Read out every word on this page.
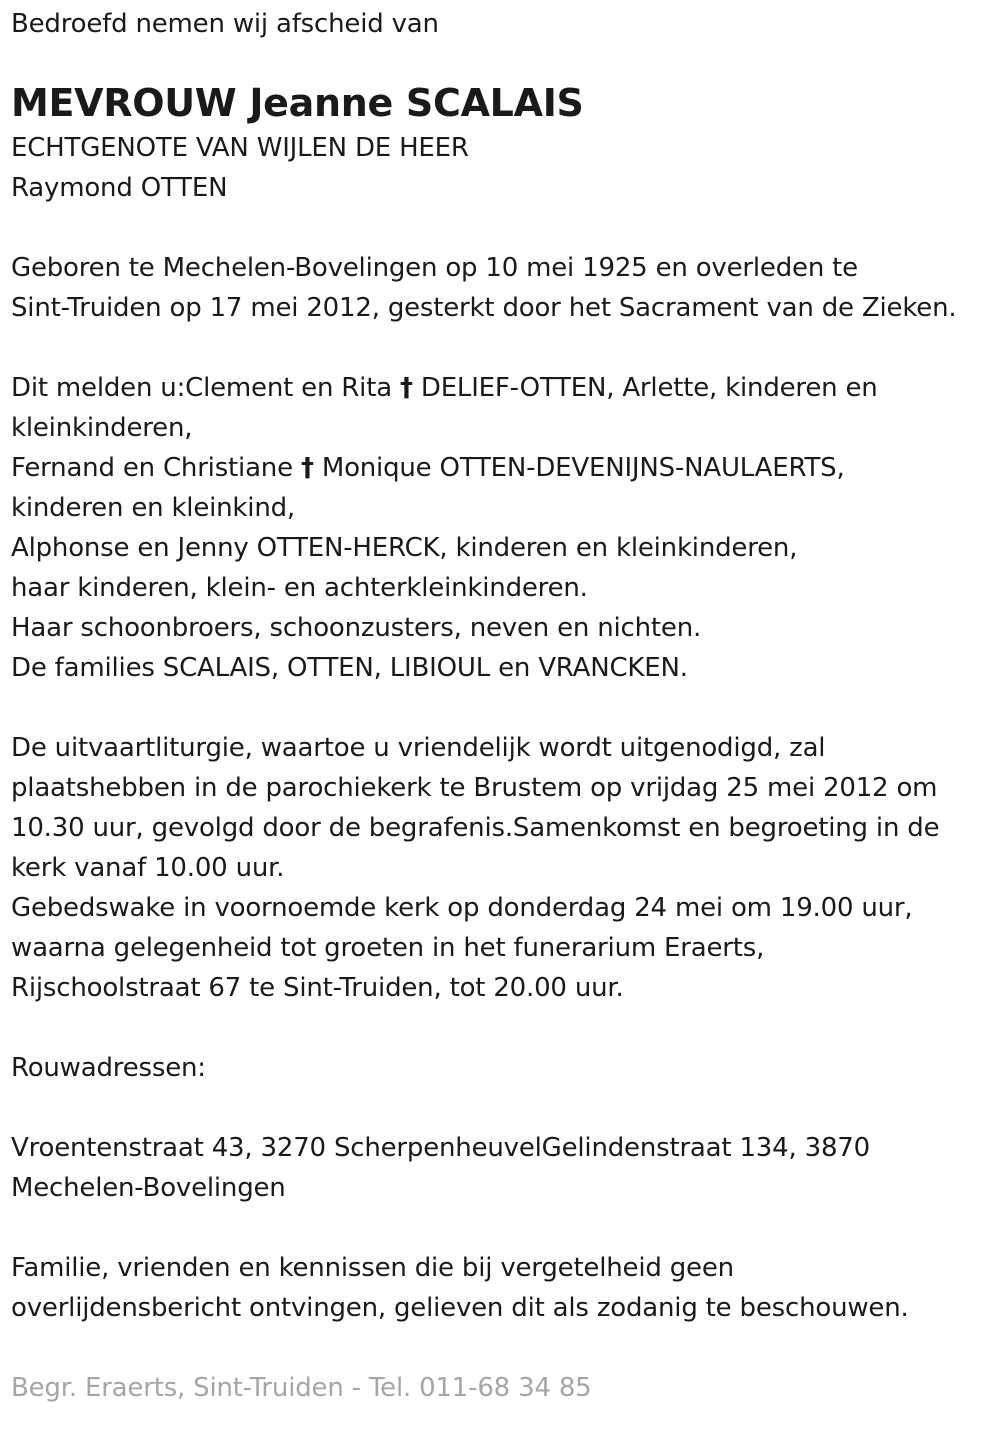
Bedroefd nemen wij afscheid van
MEVROUW Jeanne SCALAIS
ECHTGENOTE VAN WIJLEN DE HEER
Raymond OTTEN
Geboren te Mechelen-Bovelingen op 10 mei 1925 en overleden te
Sint-Truiden op 17 mei 2012, gesterkt door het Sacrament van de Zieken.
Dit melden u:Clement en Rita † DELIEF-OTTEN, Arlette, kinderen en
kleinkinderen,
Fernand en Christiane † Monique OTTEN-DEVENIJNS-NAULAERTS,
kinderen en kleinkind,
Alphonse en Jenny OTTEN-HERCK, kinderen en kleinkinderen,
haar kinderen, klein- en achterkleinkinderen.
Haar schoonbroers, schoonzusters, neven en nichten.
De families SCALAIS, OTTEN, LIBIOUL en VRANCKEN.
De uitvaartliturgie, waartoe u vriendelijk wordt uitgenodigd, zal
plaatshebben in de parochiekerk te Brustem op vrijdag 25 mei 2012 om
10.30 uur, gevolgd door de begrafenis.Samenkomst en begroeting in de
kerk vanaf 10.00 uur.
Gebedswake in voornoemde kerk op donderdag 24 mei om 19.00 uur,
waarna gelegenheid tot groeten in het funerarium Eraerts,
Rijschoolstraat 67 te Sint-Truiden, tot 20.00 uur.
Rouwadressen:
Vroentenstraat 43, 3270 ScherpenheuvelGelindenstraat 134, 3870
Mechelen-Bovelingen
Familie, vrienden en kennissen die bij vergetelheid geen
overlijdensbericht ontvingen, gelieven dit als zodanig te beschouwen.
Begr. Eraerts, Sint-Truiden - Tel. 011-68 34 85
